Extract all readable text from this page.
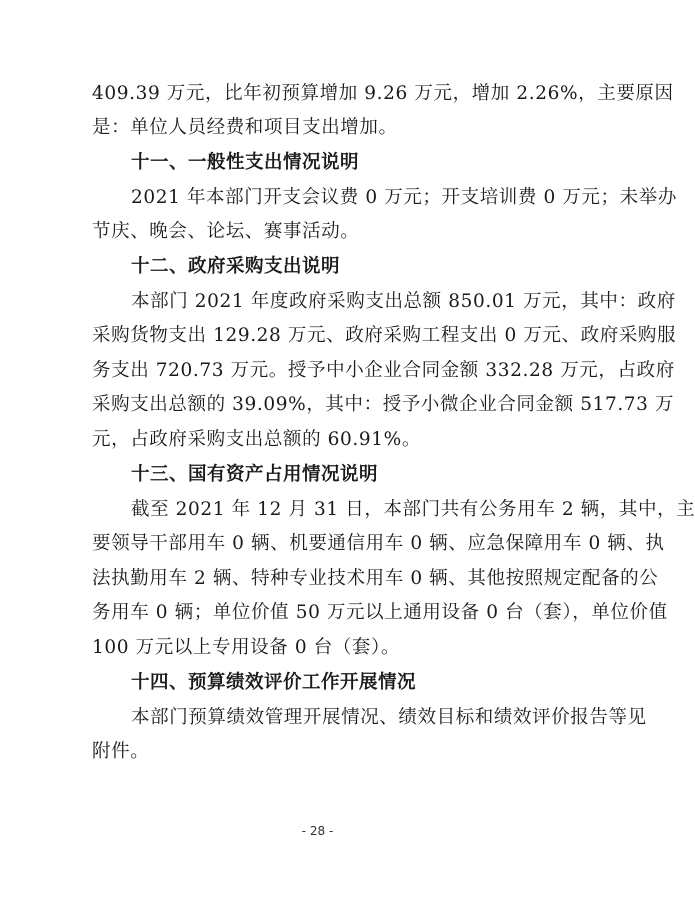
409.39 万元，比年初预算增加 9.26 万元，增加 2.26%，主要原因
是：单位人员经费和项目支出增加。
十一、一般性支出情况说明
2021 年本部门开支会议费 0 万元；开支培训费 0 万元；未举办
节庆、晚会、论坛、赛事活动。
十二、政府采购支出说明
本部门 2021 年度政府采购支出总额 850.01 万元，其中：政府
采购货物支出 129.28 万元、政府采购工程支出 0 万元、政府采购服
务支出 720.73 万元。授予中小企业合同金额 332.28 万元，占政府
采购支出总额的 39.09%，其中：授予小微企业合同金额 517.73 万
元，占政府采购支出总额的 60.91%。
十三、国有资产占用情况说明
截至 2021 年 12 月 31 日，本部门共有公务用车 2 辆，其中，主
要领导干部用车 0 辆、机要通信用车 0 辆、应急保障用车 0 辆、执
法执勤用车 2 辆、特种专业技术用车 0 辆、其他按照规定配备的公
务用车 0 辆；单位价值 50 万元以上通用设备 0 台（套），单位价值
100 万元以上专用设备 0 台（套）。
十四、预算绩效评价工作开展情况
本部门预算绩效管理开展情况、绩效目标和绩效评价报告等见
附件。
- 28 -
